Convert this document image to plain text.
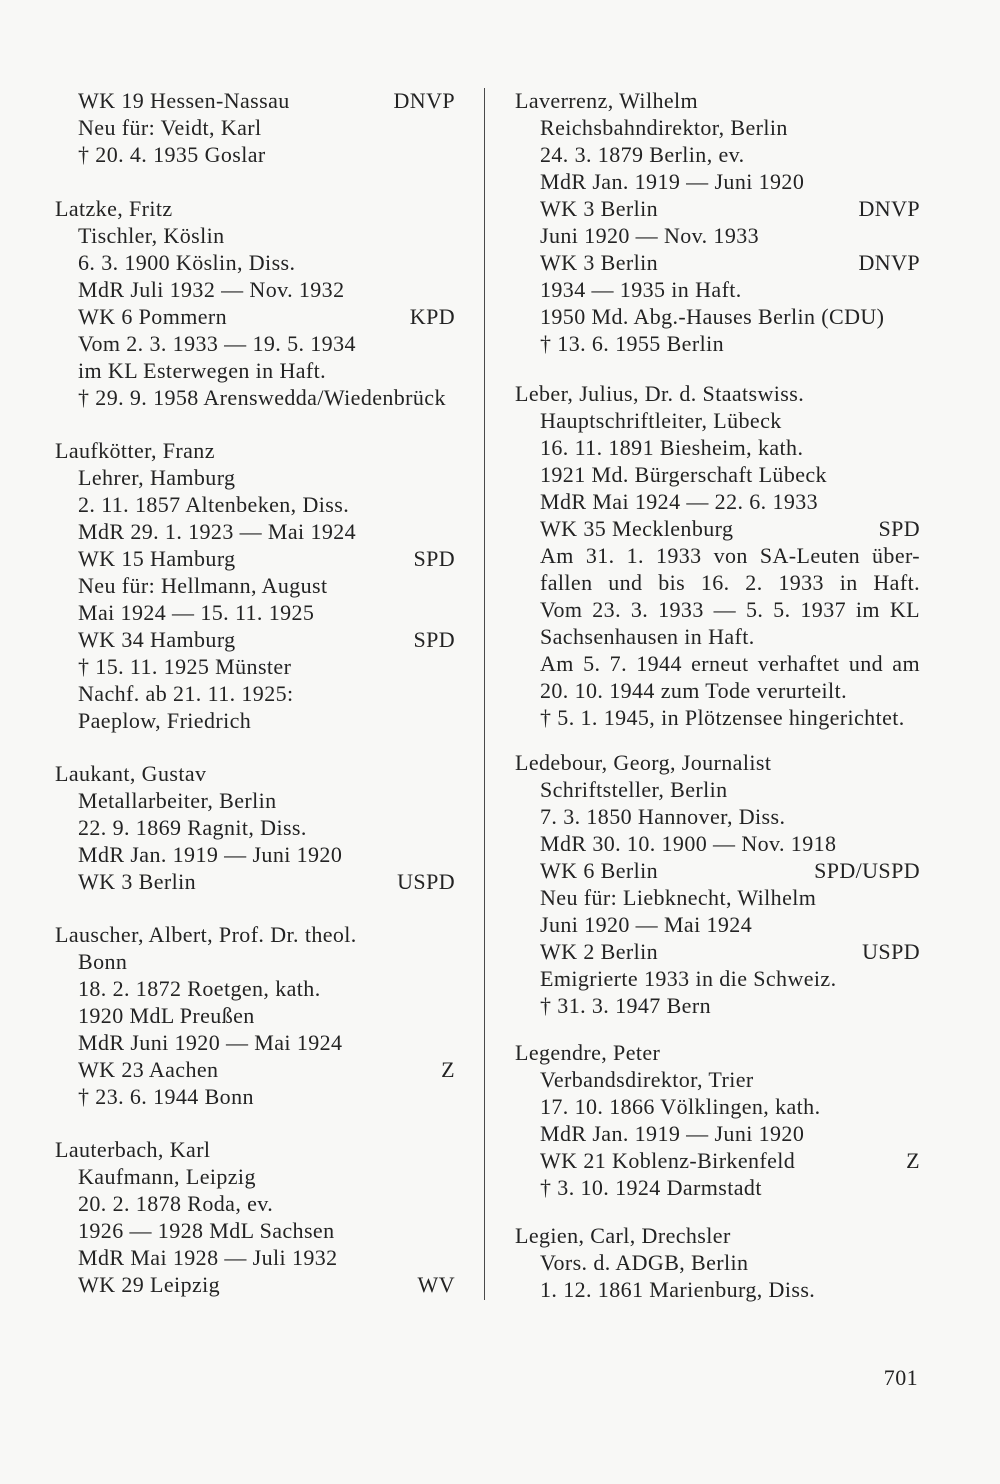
WK 19 Hessen-Nassau	DNVP
Neu für: Veidt, Karl
† 20. 4. 1935 Goslar
Latzke, Fritz
Tischler, Köslin
6. 3. 1900 Köslin, Diss.
MdR Juli 1932 — Nov. 1932
WK 6 Pommern	KPD
Vom 2. 3. 1933 — 19. 5. 1934
im KL Esterwegen in Haft.
† 29. 9. 1958 Arenswedda/Wiedenbrück
Laufkötter, Franz
Lehrer, Hamburg
2. 11. 1857 Altenbeken, Diss.
MdR 29. 1. 1923 — Mai 1924
WK 15 Hamburg	SPD
Neu für: Hellmann, August
Mai 1924 — 15. 11. 1925
WK 34 Hamburg	SPD
† 15. 11. 1925 Münster
Nachf. ab 21. 11. 1925:
Paeplow, Friedrich
Laukant, Gustav
Metallarbeiter, Berlin
22. 9. 1869 Ragnit, Diss.
MdR Jan. 1919 — Juni 1920
WK 3 Berlin	USPD
Lauscher, Albert, Prof. Dr. theol.
Bonn
18. 2. 1872 Roetgen, kath.
1920 MdL Preußen
MdR Juni 1920 — Mai 1924
WK 23 Aachen	Z
† 23. 6. 1944 Bonn
Lauterbach, Karl
Kaufmann, Leipzig
20. 2. 1878 Roda, ev.
1926 — 1928 MdL Sachsen
MdR Mai 1928 — Juli 1932
WK 29 Leipzig	WV
Laverrenz, Wilhelm
Reichsbahndirektor, Berlin
24. 3. 1879 Berlin, ev.
MdR Jan. 1919 — Juni 1920
WK 3 Berlin	DNVP
Juni 1920 — Nov. 1933
WK 3 Berlin	DNVP
1934 — 1935 in Haft.
1950 Md. Abg.-Hauses Berlin (CDU)
† 13. 6. 1955 Berlin
Leber, Julius, Dr. d. Staatswiss.
Hauptschriftleiter, Lübeck
16. 11. 1891 Biesheim, kath.
1921 Md. Bürgerschaft Lübeck
MdR Mai 1924 — 22. 6. 1933
WK 35 Mecklenburg	SPD
Am 31. 1. 1933 von SA-Leuten über-
fallen und bis 16. 2. 1933 in Haft.
Vom 23. 3. 1933 — 5. 5. 1937 im KL
Sachsenhausen in Haft.
Am 5. 7. 1944 erneut verhaftet und am
20. 10. 1944 zum Tode verurteilt.
† 5. 1. 1945, in Plötzensee hingerichtet.
Ledebour, Georg, Journalist
Schriftsteller, Berlin
7. 3. 1850 Hannover, Diss.
MdR 30. 10. 1900 — Nov. 1918
WK 6 Berlin	SPD/USPD
Neu für: Liebknecht, Wilhelm
Juni 1920 — Mai 1924
WK 2 Berlin	USPD
Emigrierte 1933 in die Schweiz.
† 31. 3. 1947 Bern
Legendre, Peter
Verbandsdirektor, Trier
17. 10. 1866 Völklingen, kath.
MdR Jan. 1919 — Juni 1920
WK 21 Koblenz-Birkenfeld	Z
† 3. 10. 1924 Darmstadt
Legien, Carl, Drechsler
Vors. d. ADGB, Berlin
1. 12. 1861 Marienburg, Diss.
701
